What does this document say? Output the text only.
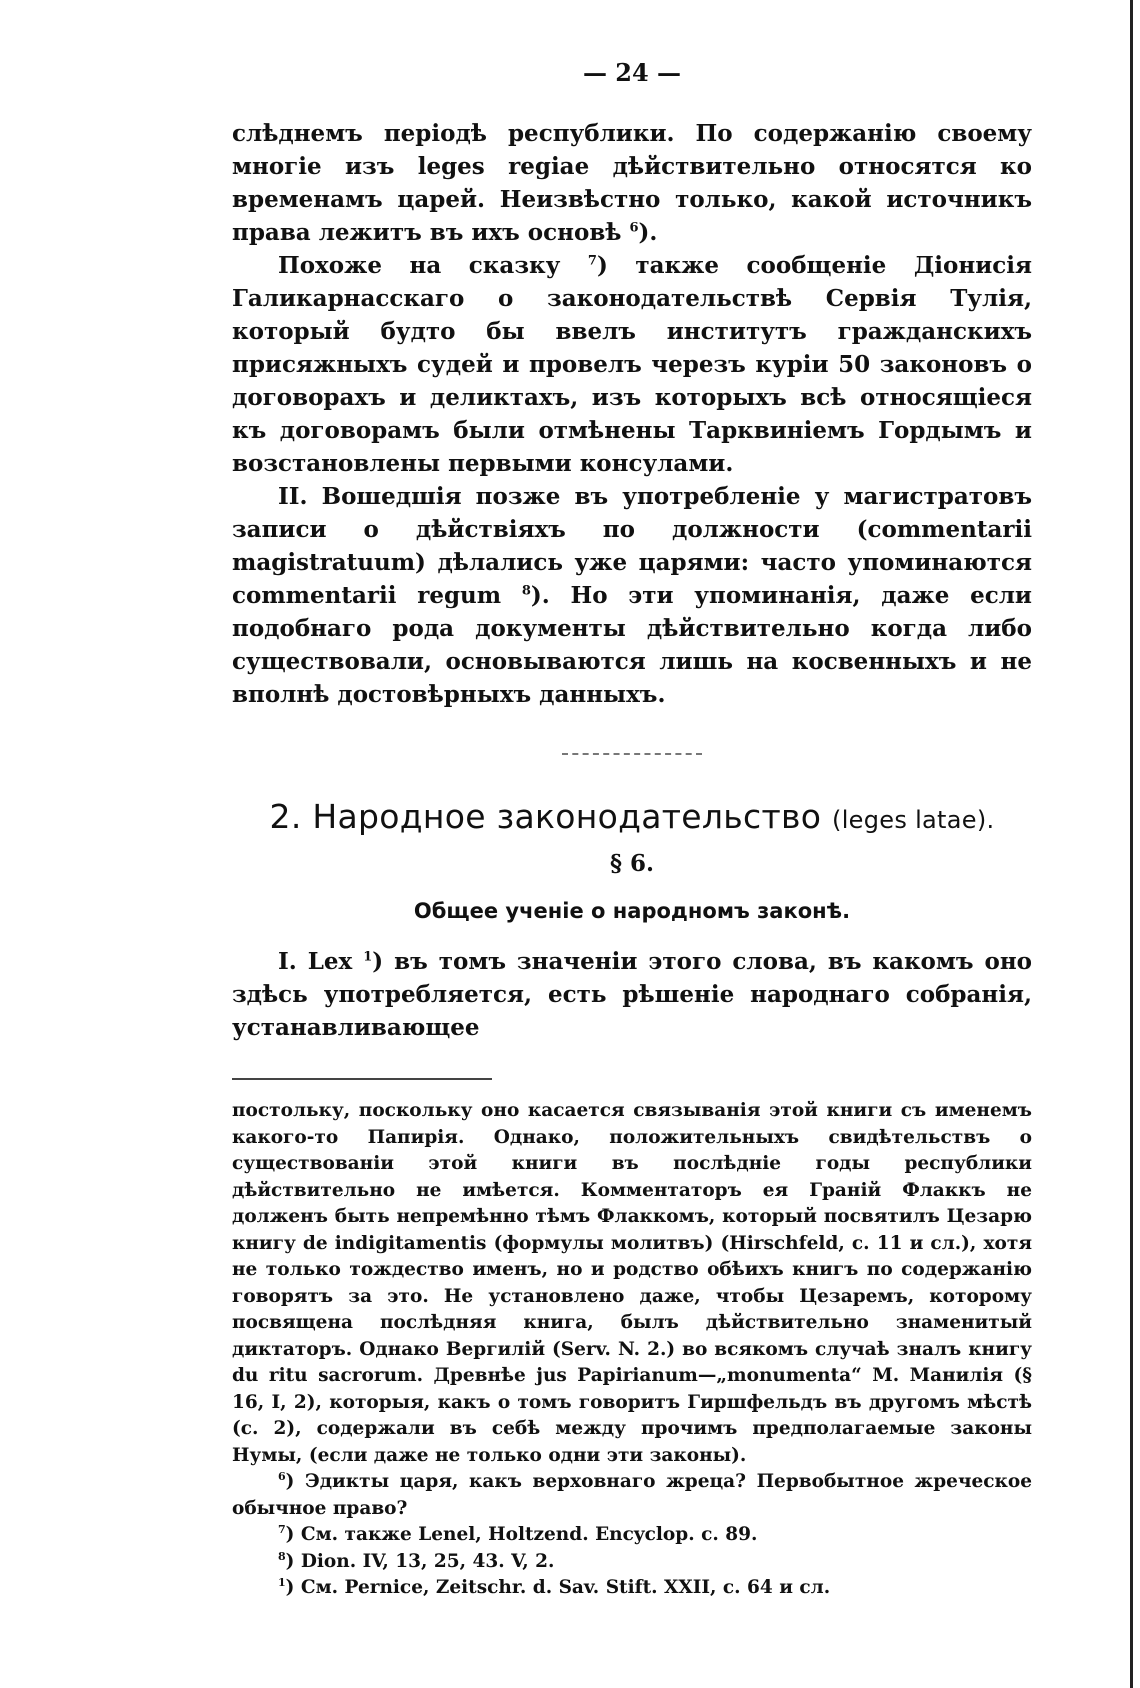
— 24 —

слѣднемъ періодѣ республики. По содержанію своему многіе изъ leges regiae дѣйствительно относятся ко временамъ царей. Неизвѣстно только, какой источникъ права лежитъ въ ихъ основѣ $^6$).

Похоже на сказку $^7$) также сообщеніе Діонисія Галикарнасскаго о законодательствѣ Сервія Тулія, который будто бы ввелъ институтъ гражданскихъ присяжныхъ судей и провелъ черезъ куріи 50 законовъ о договорахъ и деликтахъ, изъ которыхъ всѣ относящіеся къ договорамъ были отмѣнены Тарквиніемъ Гордымъ и возстановлены первыми консулами.

II. Вошедшія позже въ употребленіе у магистратовъ записи о дѣйствіяхъ по должности (commentarii magistratuum) дѣлались уже царями: часто упоминаются commentarii regum $^8$). Но эти упоминанія, даже если подобнаго рода документы дѣйствительно когда либо существовали, основываются лишь на косвенныхъ и не вполнѣ достовѣрныхъ данныхъ.

2. Народное законодательство (leges latae).
§ 6.
Общее ученіе о народномъ законѣ.

I. Lex $^1$) въ томъ значеніи этого слова, въ какомъ оно здѣсь употребляется, есть рѣшеніе народнаго собранія, устанавливающее

постольку, поскольку оно касается связыванія этой книги съ именемъ какого-то Папирія. Однако, положительныхъ свидѣтельствъ о существованіи этой книги въ послѣдніе годы республики дѣйствительно не имѣется. Комментаторъ ея Граній Флаккъ не долженъ быть непремѣнно тѣмъ Флаккомъ, который посвятилъ Цезарю книгу de indigitamentis (формулы молитвъ) (Hirschfeld, с. 11 и сл.), хотя не только тождество именъ, но и родство обѣихъ книгъ по содержанію говорятъ за это. Не установлено даже, чтобы Цезаремъ, которому посвящена послѣдняя книга, былъ дѣйствительно знаменитый диктаторъ. Однако Вергилій (Serv. N. 2.) во всякомъ случаѣ зналъ книгу du ritu sacrorum. Древнѣе jus Papirianum—„monumenta“ M. Манилія (§ 16, I, 2), которыя, какъ о томъ говоритъ Гиршфельдъ въ другомъ мѣстѣ (с. 2), содержали въ себѣ между прочимъ предполагаемые законы Нумы, (если даже не только одни эти законы).

$^6$) Эдикты царя, какъ верховнаго жреца? Первобытное жреческое обычное право?

$^7$) См. также Lenel, Holtzend. Encyclop. с. 89.

$^8$) Dion. IV, 13, 25, 43. V, 2.

$^1$) См. Pernice, Zeitschr. d. Sav. Stift. XXII, с. 64 и сл.
